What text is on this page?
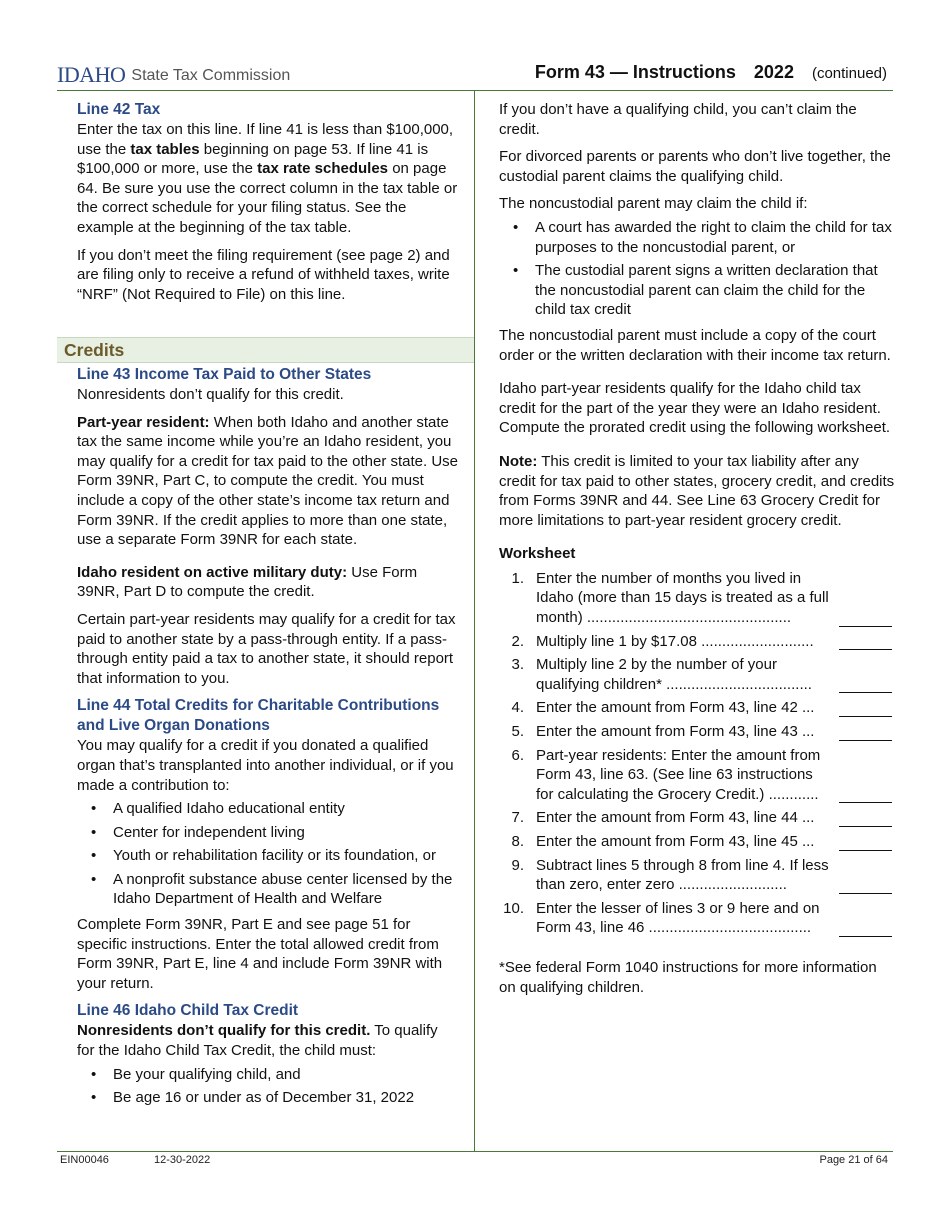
IDAHO State Tax Commission	Form 43 — Instructions 2022 (continued)
Line 42 Tax

Enter the tax on this line. If line 41 is less than $100,000, use the tax tables beginning on page 53. If line 41 is $100,000 or more, use the tax rate schedules on page 64. Be sure you use the correct column in the tax table or the correct schedule for your filing status. See the example at the beginning of the tax table.

If you don’t meet the filing requirement (see page 2) and are filing only to receive a refund of withheld taxes, write “NRF” (Not Required to File) on this line.

Credits
Line 43 Income Tax Paid to Other States

Nonresidents don’t qualify for this credit.

Part-year resident: When both Idaho and another state tax the same income while you’re an Idaho resident, you may qualify for a credit for tax paid to the other state. Use Form 39NR, Part C, to compute the credit. You must include a copy of the other state’s income tax return and Form 39NR. If the credit applies to more than one state, use a separate Form 39NR for each state.

Idaho resident on active military duty: Use Form 39NR, Part D to compute the credit.

Certain part-year residents may qualify for a credit for tax paid to another state by a pass-through entity. If a pass-through entity paid a tax to another state, it should report that information to you.

Line 44 Total Credits for Charitable Contributions and Live Organ Donations

You may qualify for a credit if you donated a qualified organ that’s transplanted into another individual, or if you made a contribution to:

• A qualified Idaho educational entity
• Center for independent living
• Youth or rehabilitation facility or its foundation, or
• A nonprofit substance abuse center licensed by the Idaho Department of Health and Welfare

Complete Form 39NR, Part E and see page 51 for specific instructions. Enter the total allowed credit from Form 39NR, Part E, line 4 and include Form 39NR with your return.

Line 46 Idaho Child Tax Credit

Nonresidents don’t qualify for this credit. To qualify for the Idaho Child Tax Credit, the child must:

• Be your qualifying child, and
• Be age 16 or under as of December 31, 2022

If you don’t have a qualifying child, you can’t claim the credit.

For divorced parents or parents who don’t live together, the custodial parent claims the qualifying child.

The noncustodial parent may claim the child if:

• A court has awarded the right to claim the child for tax purposes to the noncustodial parent, or
• The custodial parent signs a written declaration that the noncustodial parent can claim the child for the child tax credit

The noncustodial parent must include a copy of the court order or the written declaration with their income tax return.

Idaho part-year residents qualify for the Idaho child tax credit for the part of the year they were an Idaho resident. Compute the prorated credit using the following worksheet.

Note: This credit is limited to your tax liability after any credit for tax paid to other states, grocery credit, and credits from Forms 39NR and 44. See Line 63 Grocery Credit for more limitations to part-year resident grocery credit.

Worksheet
1. Enter the number of months you lived in Idaho (more than 15 days is treated as a full month) .................................................
2. Multiply line 1 by $17.08 ...........................
3. Multiply line 2 by the number of your qualifying children* ...................................
4. Enter the amount from Form 43, line 42 ...
5. Enter the amount from Form 43, line 43 ...
6. Part-year residents: Enter the amount from Form 43, line 63. (See line 63 instructions for calculating the Grocery Credit.) ............
7. Enter the amount from Form 43, line 44 ...
8. Enter the amount from Form 43, line 45 ...
9. Subtract lines 5 through 8 from line 4. If less than zero, enter zero ..........................
10. Enter the lesser of lines 3 or 9 here and on Form 43, line 46 .......................................

*See federal Form 1040 instructions for more information on qualifying children.

EIN00046	12-30-2022	Page 21 of 64
